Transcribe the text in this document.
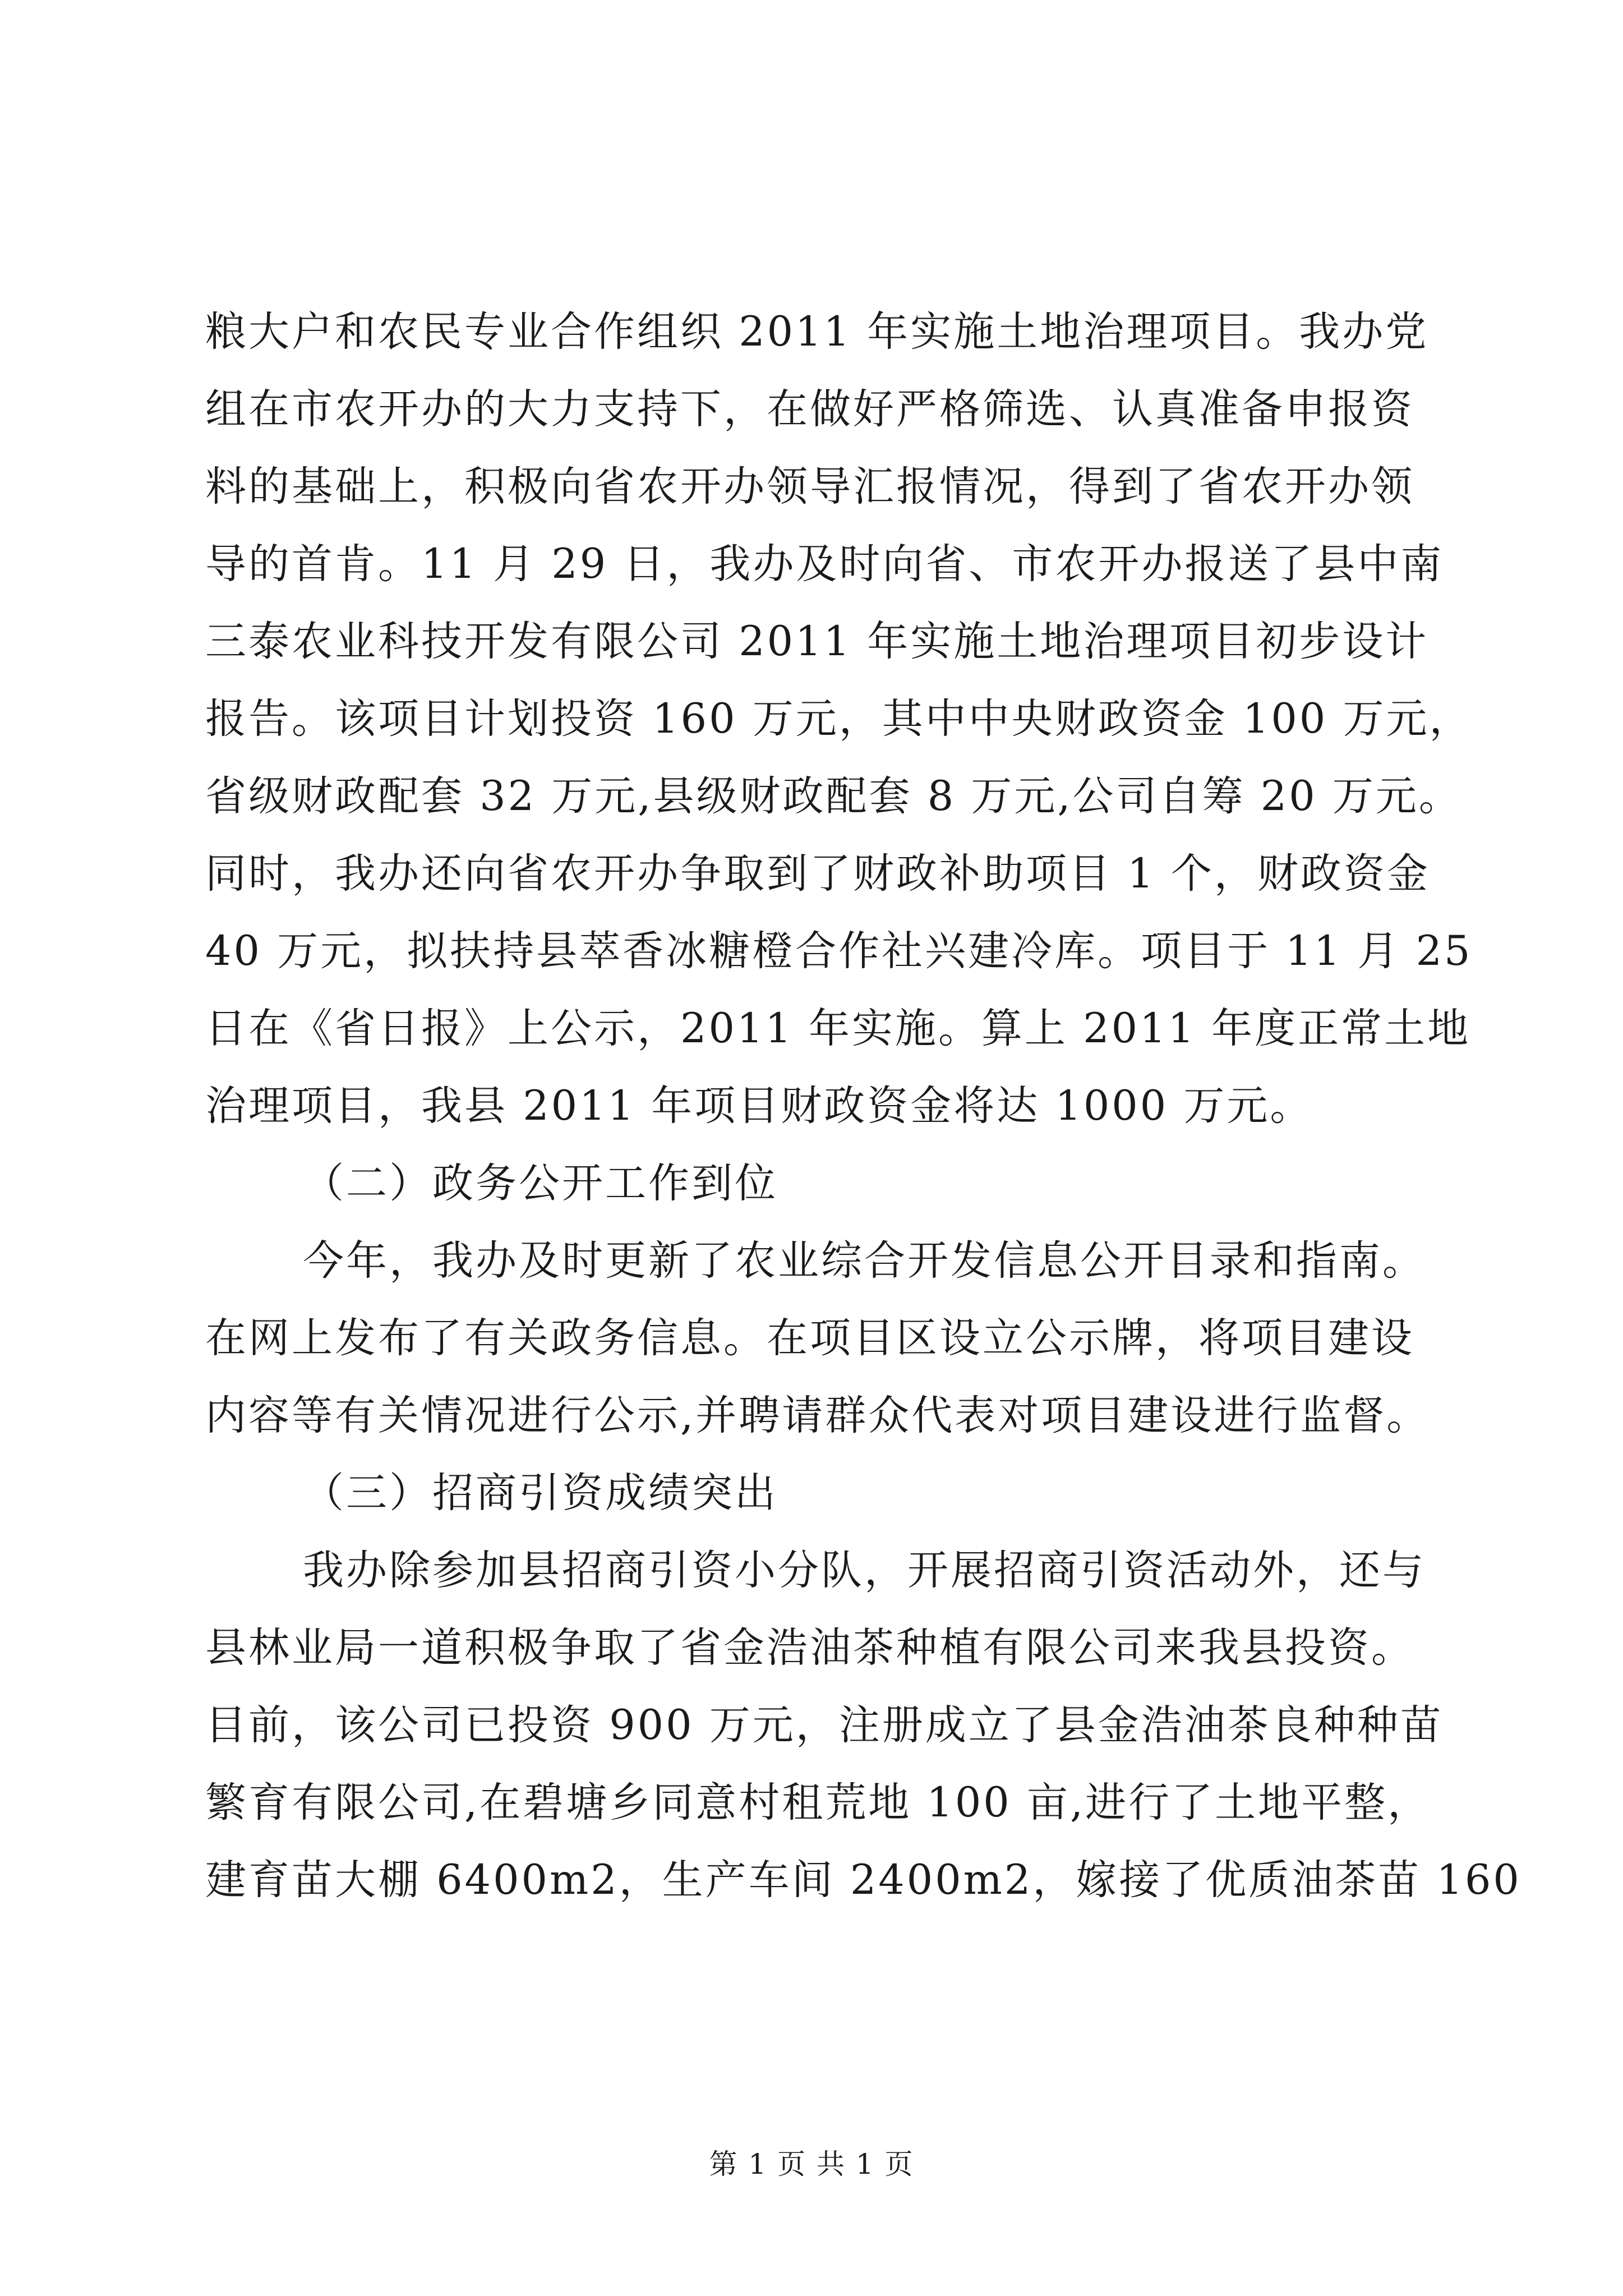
粮大户和农民专业合作组织 2011 年实施土地治理项目。我办党
组在市农开办的大力支持下，在做好严格筛选、认真准备申报资
料的基础上，积极向省农开办领导汇报情况，得到了省农开办领
导的首肯。11 月 29 日，我办及时向省、市农开办报送了县中南
三泰农业科技开发有限公司 2011 年实施土地治理项目初步设计
报告。该项目计划投资 160 万元，其中中央财政资金 100 万元，
省级财政配套 32 万元,县级财政配套 8 万元,公司自筹 20 万元。
同时，我办还向省农开办争取到了财政补助项目 1 个，财政资金
40 万元，拟扶持县萃香冰糖橙合作社兴建冷库。项目于 11 月 25
日在《省日报》上公示，2011 年实施。算上 2011 年度正常土地
治理项目，我县 2011 年项目财政资金将达 1000 万元。
（二）政务公开工作到位
今年，我办及时更新了农业综合开发信息公开目录和指南。
在网上发布了有关政务信息。在项目区设立公示牌，将项目建设
内容等有关情况进行公示,并聘请群众代表对项目建设进行监督。
（三）招商引资成绩突出
我办除参加县招商引资小分队，开展招商引资活动外，还与
县林业局一道积极争取了省金浩油茶种植有限公司来我县投资。
目前，该公司已投资 900 万元，注册成立了县金浩油茶良种种苗
繁育有限公司,在碧塘乡同意村租荒地 100 亩,进行了土地平整，
建育苗大棚 6400m2，生产车间 2400m2，嫁接了优质油茶苗 160
第 1 页 共 1 页
